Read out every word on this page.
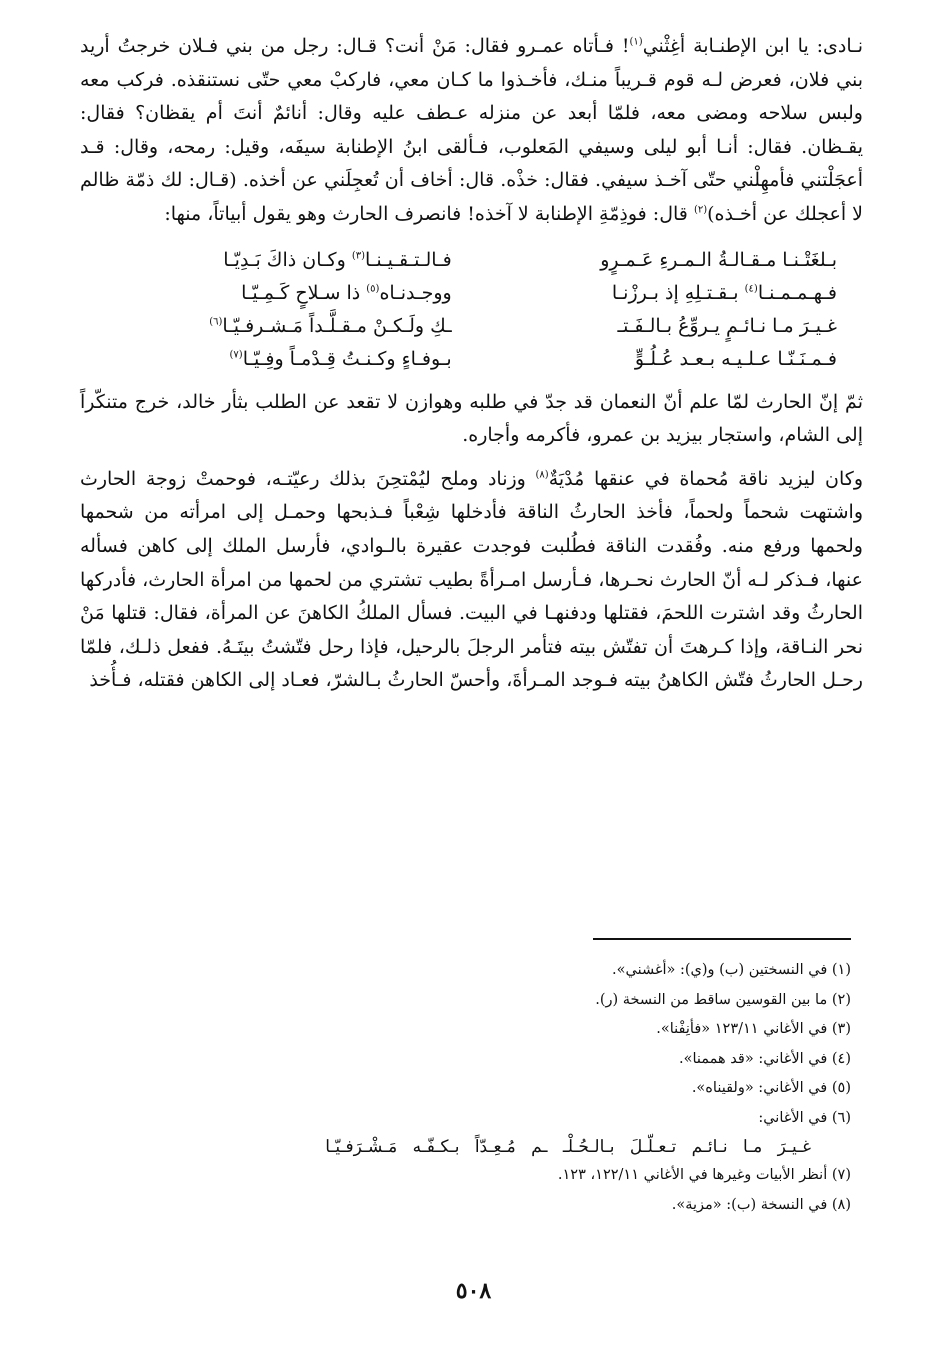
نـادى: يا ابن الإطنـابة أغِثْني$^{(١)}$! فـأتاه عمـرو فقال: مَنْ أنت؟ قـال: رجل من بني فـلان خرجتُ أريد بني فلان، فعرض لـه قوم قـريباً منـك، فأخـذوا ما كـان معي، فاركبْ معي حتّى نستنقذه. فركب معه ولبس سلاحه ومضى معه، فلمّا أبعد عن منزله عـطف عليه وقال: أنائمٌ أنتَ أم يقظان؟ فقال: يقـظان. فقال: أنـا أبو ليلى وسيفي المَعلوب، فـألقى ابنُ الإطنابة سيفَه، وقيل: رمحه، وقال: قـد أعجَلْتني فأمهِلْني حتّى آخـذ سيفي. فقال: خذْه. قال: أخاف أن تُعجِلَني عن أخذه. (قـال: لك ذمّة ظالم لا أعجلك عن أخـذه)$^{(٢)}$ قال: فوذِمّةِ الإطنابة لا آخذه! فانصرف الحارث وهو يقول أبياتاً، منها:

بـلغَتْـنـا مـقـالـةُ الـمـرءِ عَـمـرٍو
فـالـتـقـيـنـا$^{(٣)}$ وكـان ذاكَ بَـدِيّـا
فـهـمـمـنـا$^{(٤)}$ بـقـتـلِهِ إذ بـرزْنـا
ووجـدنـاه$^{(٥)}$ ذا سـلاحٍ كَـمِـيّـا
غـيـرَ مـا نـائـمٍ يـروِّعُ بـالـفَـتـ
ـكِ ولَـكـنْ مـقـلَّـداً مَـشـرفـيّـا$^{(٦)}$
فـمـنَـنّـا عـلـيـه بـعـد عُـلُـوٍّ
بـوفـاءٍ وكـنـتُ قِـدْمـاً وفِـيّـا$^{(٧)}$

ثمّ إنّ الحارث لمّا علم أنّ النعمان قد جدّ في طلبه وهوازن لا تقعد عن الطلب بثأر خالد، خرج متنكّراً إلى الشام، واستجار بيزيد بن عمرو، فأكرمه وأجاره.

وكان ليزيد ناقة مُحماة في عنقها مُدْيَةٌ$^{(٨)}$ وزناد وملح ليُمْتحِنَ بذلك رعيّتـه، فوحمتْ زوجة الحارث واشتهت شحماً ولحماً، فأخذ الحارثُ الناقة فأدخلها شِعْباً فـذبحها وحمـل إلى امرأته من شحمها ولحمها ورفع منه. وفُقدت الناقة فطُلبت فوجدت عقيرة بالـوادي، فأرسل الملك إلى كاهن فسأله عنها، فـذكر لـه أنّ الحارث نحـرها، فـأرسل امـرأةً بطيب تشتري من لحمها من امرأة الحارث، فأدركها الحارثُ وقد اشترت اللحمَ، فقتلها ودفنهـا في البيت. فسأل الملكُ الكاهنَ عن المرأة، فقال: قتلها مَنْ نحر النـاقة، وإذا كـرهتَ أن تفتّش بيته فتأمر الرجلَ بالرحيل، فإذا رحل فتّشتُ بيتَـهُ. ففعل ذلـك، فلمّا رحـل الحارثُ فتّش الكاهنُ بيته فـوجد المـرأةَ، وأحسّ الحارثُ بـالشرّ، فعـاد إلى الكاهن فقتله، فـأُخذ

(١) في النسختين (ب) و(ي): «أغشني».

(٢) ما بين القوسين ساقط من النسخة (ر).

(٣) في الأغاني ١٢٣/١١ «فأنِفْنا».

(٤) في الأغاني: «قد هممنا».

(٥) في الأغاني: «ولقيناه».

(٦) في الأغاني:

غـيـرَ مـا نـائـم تـعـلّـلَ بـالـحُـلْـ ـم مُـعِـدّاً بـكـفّـه مَـشْـرَفـيّـا

(٧) أنظر الأبيات وغيرها في الأغاني ١٢٢/١١، ١٢٣.

(٨) في النسخة (ب): «مزية».

٥٠٨
